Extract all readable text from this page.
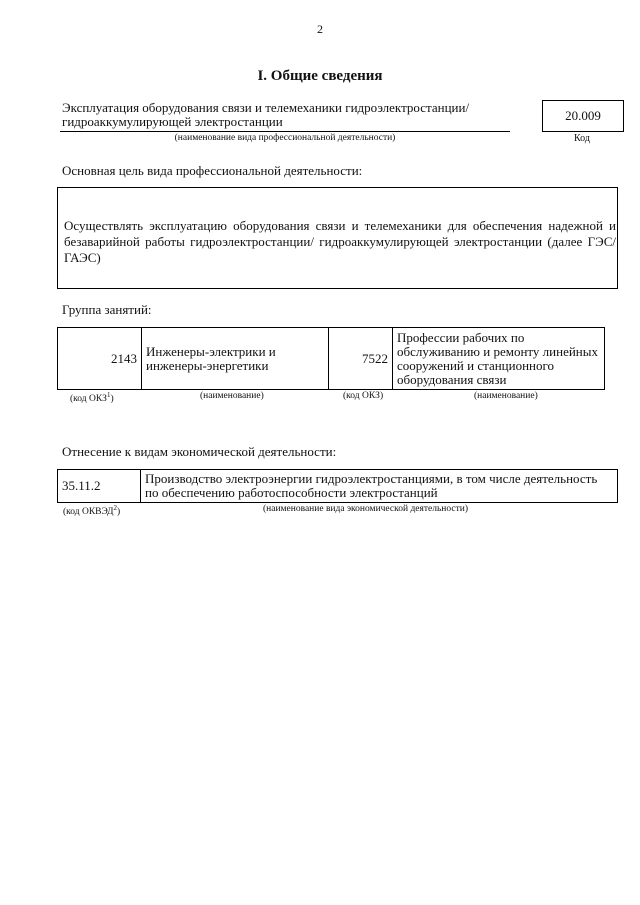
2
I. Общие сведения
Эксплуатация оборудования связи и телемеханики гидроэлектростанции/ гидроаккумулирующей электростанции
(наименование вида профессиональной деятельности)
20.009
Код
Основная цель вида профессиональной деятельности:
Осуществлять эксплуатацию оборудования связи и телемеханики для обеспечения надежной и безаварийной работы гидроэлектростанции/ гидроаккумулирующей электростанции (далее ГЭС/ГАЭС)
Группа занятий:
2143	Инженеры-электрики и инженеры-энергетики	7522	Профессии рабочих по обслуживанию и ремонту линейных сооружений и станционного оборудования связи
(код ОКЗ$^1$)	(наименование)	(код ОКЗ)	(наименование)
Отнесение к видам экономической деятельности:
35.11.2	Производство электроэнергии гидроэлектростанциями, в том числе деятельность по обеспечению работоспособности электростанций
(код ОКВЭД$^2$)	(наименование вида экономической деятельности)
